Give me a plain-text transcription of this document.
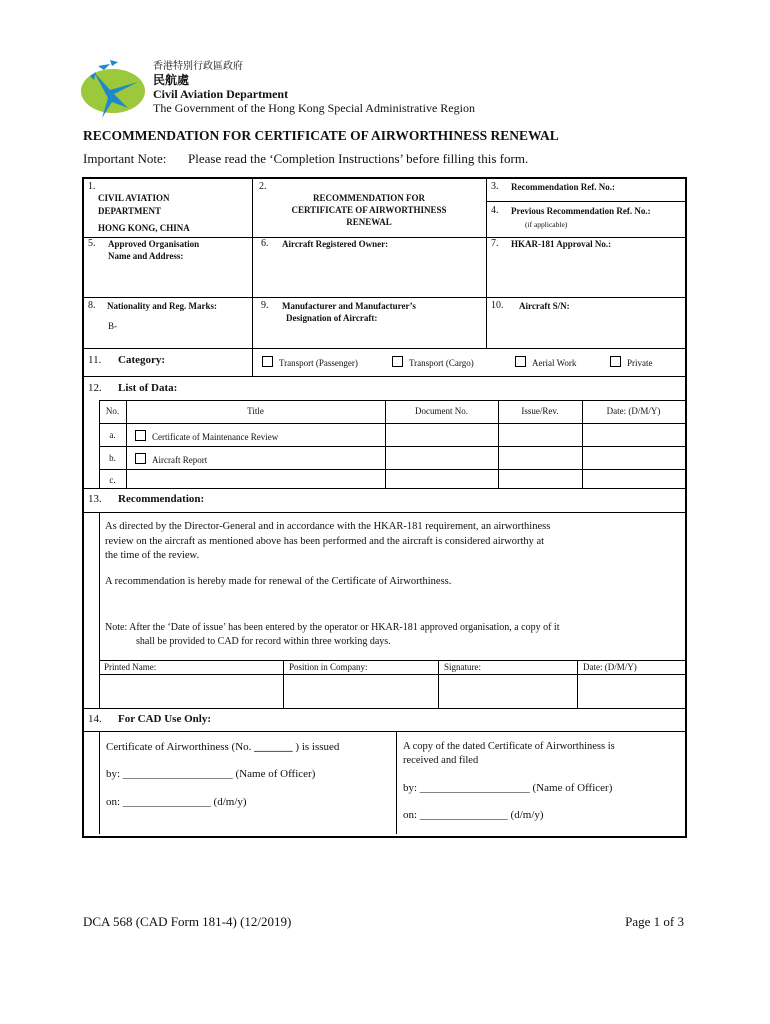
香港特別行政區政府
民航處
Civil Aviation Department
The Government of the Hong Kong Special Administrative Region
RECOMMENDATION FOR CERTIFICATE OF AIRWORTHINESS RENEWAL
Important Note: Please read the ‘Completion Instructions’ before filling this form.
1.
CIVIL AVIATION
DEPARTMENT
HONG KONG, CHINA
2.
RECOMMENDATION FOR
CERTIFICATE OF AIRWORTHINESS
RENEWAL
3. Recommendation Ref. No.:
4. Previous Recommendation Ref. No.:
(if applicable)
5. Approved Organisation
Name and Address:
6. Aircraft Registered Owner:	7. HKAR-181 Approval No.:
8. Nationality and Reg. Marks:
B-
9. Manufacturer and Manufacturer’s
Designation of Aircraft:
10. Aircraft S/N:
11. Category:	Transport (Passenger)	Transport (Cargo)	Aerial Work	Private
12. List of Data:
No.	Title	Document No.	Issue/Rev.	Date: (D/M/Y)
a.	Certificate of Maintenance Review
b.	Aircraft Report
c.
13. Recommendation:
As directed by the Director-General and in accordance with the HKAR-181 requirement, an airworthiness
review on the aircraft as mentioned above has been performed and the aircraft is considered airworthy at
the time of the review.
A recommendation is hereby made for renewal of the Certificate of Airworthiness.
Note: After the ‘Date of issue’ has been entered by the operator or HKAR-181 approved organisation, a copy of it
shall be provided to CAD for record within three working days.
Printed Name:	Position in Company:	Signature:	Date: (D/M/Y)
14. For CAD Use Only:
Certificate of Airworthiness (No. _______ ) is issued
by: ____________________ (Name of Officer)
on: ________________ (d/m/y)
A copy of the dated Certificate of Airworthiness is
received and filed
by: ____________________ (Name of Officer)
on: ________________ (d/m/y)
DCA 568 (CAD Form 181-4) (12/2019)	Page 1 of 3
